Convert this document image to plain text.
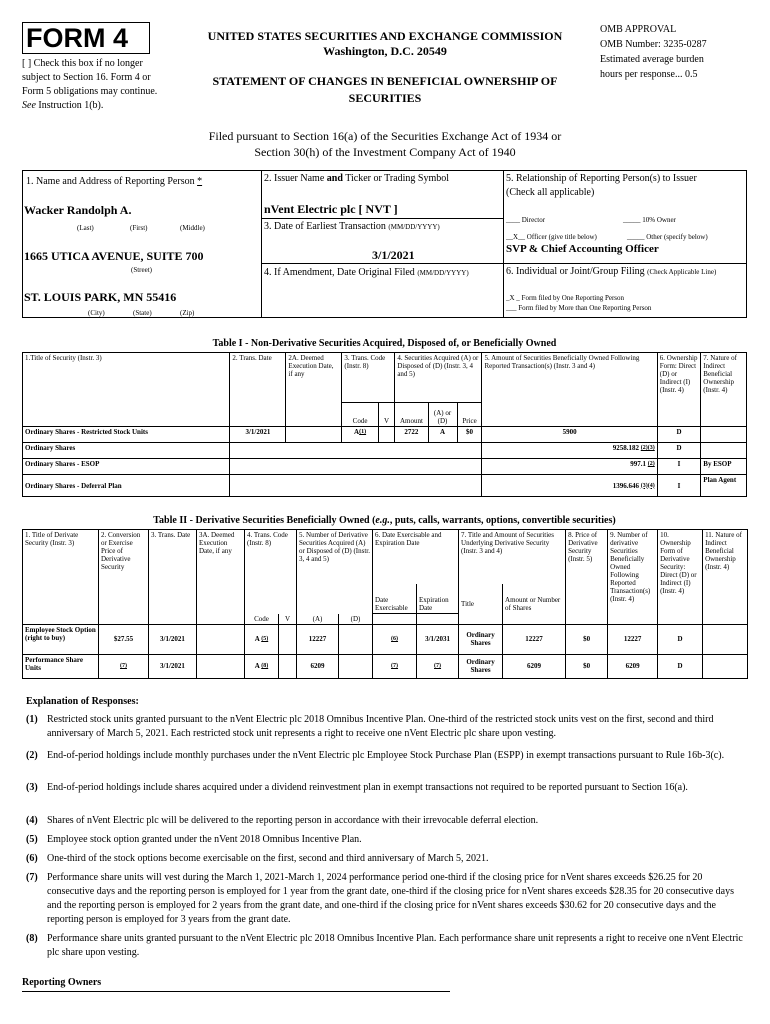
FORM 4
[ ] Check this box if no longer subject to Section 16. Form 4 or Form 5 obligations may continue. See Instruction 1(b).
UNITED STATES SECURITIES AND EXCHANGE COMMISSION
Washington, D.C. 20549
STATEMENT OF CHANGES IN BENEFICIAL OWNERSHIP OF SECURITIES
OMB APPROVAL
OMB Number: 3235-0287
Estimated average burden
hours per response... 0.5
Filed pursuant to Section 16(a) of the Securities Exchange Act of 1934 or
Section 30(h) of the Investment Company Act of 1940
1. Name and Address of Reporting Person *
Wacker Randolph A.
(Last)	(First)	(Middle)
1665 UTICA AVENUE, SUITE 700
(Street)
ST. LOUIS PARK, MN 55416
(City)	(State)	(Zip)
2. Issuer Name and Ticker or Trading Symbol
nVent Electric plc [ NVT ]
3. Date of Earliest Transaction (MM/DD/YYYY)
3/1/2021
4. If Amendment, Date Original Filed (MM/DD/YYYY)
5. Relationship of Reporting Person(s) to Issuer
(Check all applicable)
____ Director	_____ 10% Owner
__X__ Officer (give title below)	_____ Other (specify below)
SVP & Chief Accounting Officer
6. Individual or Joint/Group Filing (Check Applicable Line)
_X _ Form filed by One Reporting Person
___ Form filed by More than One Reporting Person
Table I - Non-Derivative Securities Acquired, Disposed of, or Beneficially Owned
1.Title of Security (Instr. 3)	2. Trans. Date	2A. Deemed Execution Date, if any	3. Trans. Code (Instr. 8)		4. Securities Acquired (A) or Disposed of (D) (Instr. 3, 4 and 5)			5. Amount of Securities Beneficially Owned Following Reported Transaction(s) (Instr. 3 and 4)	6. Ownership Form: Direct (D) or Indirect (I) (Instr. 4)	7. Nature of Indirect Beneficial Ownership (Instr. 4)
			Code	V	Amount	(A) or (D)	Price			
Ordinary Shares - Restricted Stock Units	3/1/2021		$A^{(1)}$		2722	A	$0	5900	D	
Ordinary Shares								9258.182 $^{(2)(3)}$	D	
Ordinary Shares - ESOP								997.1 $^{(2)}$	I	By ESOP
Ordinary Shares - Deferral Plan								1396.646 $^{(3)(4)}$	I	Plan Agent
Table II - Derivative Securities Beneficially Owned (e.g., puts, calls, warrants, options, convertible securities)
1. Title of Derivate Security (Instr. 3)	2. Conversion or Exercise Price of Derivative Security	3. Trans. Date	3A. Deemed Execution Date, if any	4. Trans. Code (Instr. 8)		5. Number of Derivative Securities Acquired (A) or Disposed of (D) (Instr. 3, 4 and 5)		6. Date Exercisable and Expiration Date		7. Title and Amount of Securities Underlying Derivative Security (Instr. 3 and 4)		8. Price of Derivative Security (Instr. 5)	9. Number of derivative Securities Beneficially Owned Following Reported Transaction(s) (Instr. 4)	10. Ownership Form of Derivative Security: Direct (D) or Indirect (I) (Instr. 4)	11. Nature of Indirect Beneficial Ownership (Instr. 4)
								Date Exercisable	Expiration Date	Title	Amount or Number of Shares				
				Code	V	(A)	(D)								
Employee Stock Option (right to buy)	$27.55	3/1/2021		A $^{(5)}$		12227		$^{(6)}$	3/1/2031	Ordinary Shares	12227	$0	12227	D	
Performance Share Units	$^{(7)}$	3/1/2021		A $^{(8)}$		6209		$^{(7)}$	$^{(7)}$	Ordinary Shares	6209	$0	6209	D	
Explanation of Responses:
(1) Restricted stock units granted pursuant to the nVent Electric plc 2018 Omnibus Incentive Plan. One-third of the restricted stock units vest on the first, second and third anniversary of March 5, 2021. Each restricted stock unit represents a right to receive one nVent Electric plc share upon vesting.
(2) End-of-period holdings include monthly purchases under the nVent Electric plc Employee Stock Purchase Plan (ESPP) in exempt transactions pursuant to Rule 16b-3(c).
(3) End-of-period holdings include shares acquired under a dividend reinvestment plan in exempt transactions not required to be reported pursuant to Section 16(a).
(4) Shares of nVent Electric plc will be delivered to the reporting person in accordance with their irrevocable deferral election.
(5) Employee stock option granted under the nVent 2018 Omnibus Incentive Plan.
(6) One-third of the stock options become exercisable on the first, second and third anniversary of March 5, 2021.
(7) Performance share units will vest during the March 1, 2021-March 1, 2024 performance period one-third if the closing price for nVent shares exceeds $26.25 for 20 consecutive days and the reporting person is employed for 1 year from the grant date, one-third if the closing price for nVent shares exceeds $28.35 for 20 consecutive days and the reporting person is employed for 2 years from the grant date, and one-third if the closing price for nVent shares exceeds $30.62 for 20 consecutive days and the reporting person is employed for 3 years from the grant date.
(8) Performance share units granted pursuant to the nVent Electric plc 2018 Omnibus Incentive Plan. Each performance share unit represents a right to receive one nVent Electric plc share upon vesting.
Reporting Owners
